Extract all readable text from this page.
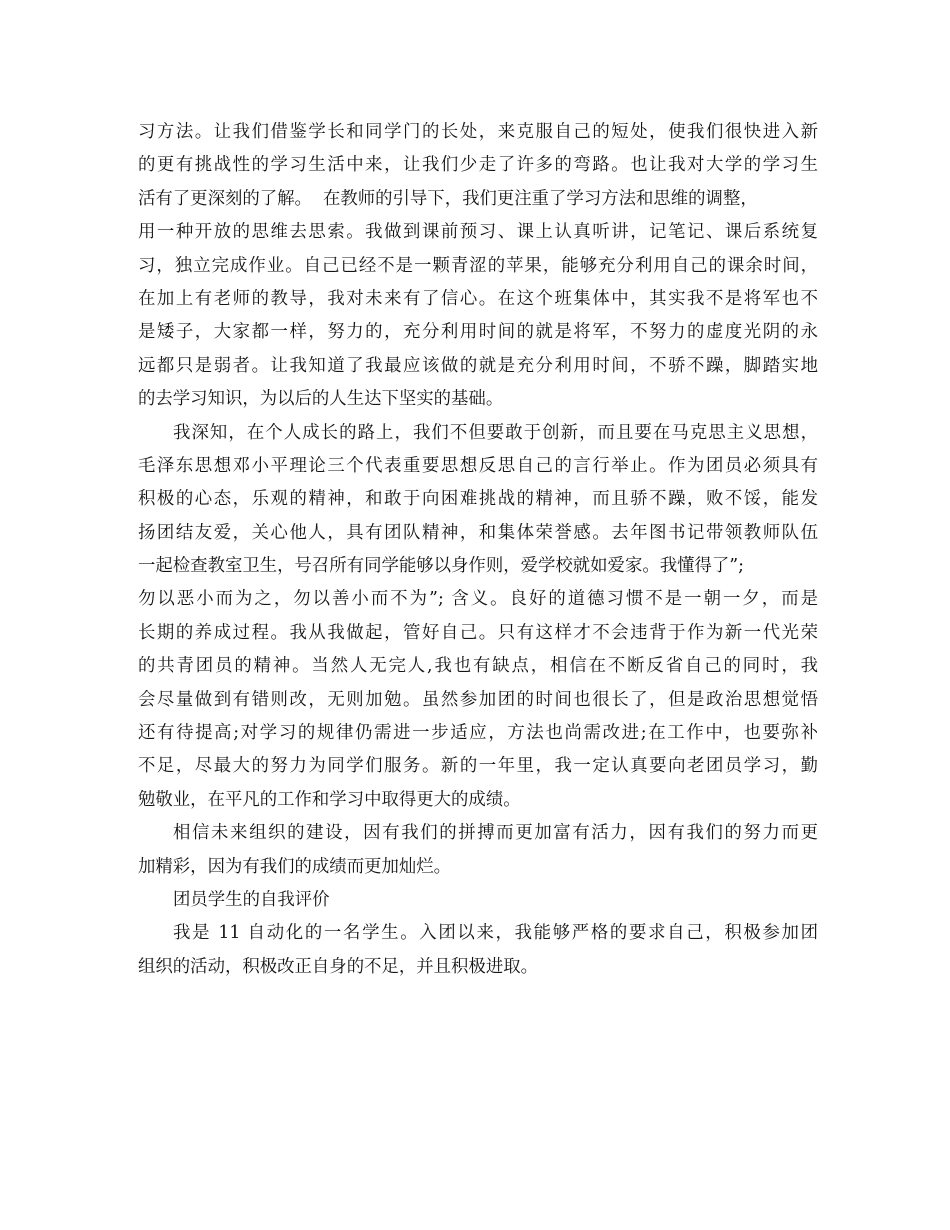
习方法。让我们借鉴学长和同学门的长处，来克服自己的短处，使我们很快进入新
的更有挑战性的学习生活中来，让我们少走了许多的弯路。也让我对大学的学习生
活有了更深刻的了解。  在教师的引导下，我们更注重了学习方法和思维的调整，
用一种开放的思维去思索。我做到课前预习、课上认真听讲，记笔记、课后系统复
习，独立完成作业。自己已经不是一颗青涩的苹果，能够充分利用自己的课余时间，
在加上有老师的教导，我对未来有了信心。在这个班集体中，其实我不是将军也不
是矮子，大家都一样，努力的，充分利用时间的就是将军，不努力的虚度光阴的永
远都只是弱者。让我知道了我最应该做的就是充分利用时间，不骄不躁，脚踏实地
的去学习知识，为以后的人生达下坚实的基础。
我深知，在个人成长的路上，我们不但要敢于创新，而且要在马克思主义思想，
毛泽东思想邓小平理论三个代表重要思想反思自己的言行举止。作为团员必须具有
积极的心态，乐观的精神，和敢于向困难挑战的精神，而且骄不躁，败不馁，能发
扬团结友爱，关心他人，具有团队精神，和集体荣誉感。去年图书记带领教师队伍
一起检查教室卫生，号召所有同学能够以身作则，爱学校就如爱家。我懂得了”;
勿以恶小而为之，勿以善小而不为”; 含义。良好的道德习惯不是一朝一夕，而是
长期的养成过程。我从我做起，管好自己。只有这样才不会违背于作为新一代光荣
的共青团员的精神。当然人无完人,我也有缺点，相信在不断反省自己的同时，我
会尽量做到有错则改，无则加勉。虽然参加团的时间也很长了，但是政治思想觉悟
还有待提高;对学习的规律仍需进一步适应，方法也尚需改进;在工作中，也要弥补
不足，尽最大的努力为同学们服务。新的一年里，我一定认真要向老团员学习，勤
勉敬业，在平凡的工作和学习中取得更大的成绩。
相信未来组织的建设，因有我们的拼搏而更加富有活力，因有我们的努力而更
加精彩，因为有我们的成绩而更加灿烂。
团员学生的自我评价
我是 11 自动化的一名学生。入团以来，我能够严格的要求自己，积极参加团
组织的活动，积极改正自身的不足，并且积极进取。
